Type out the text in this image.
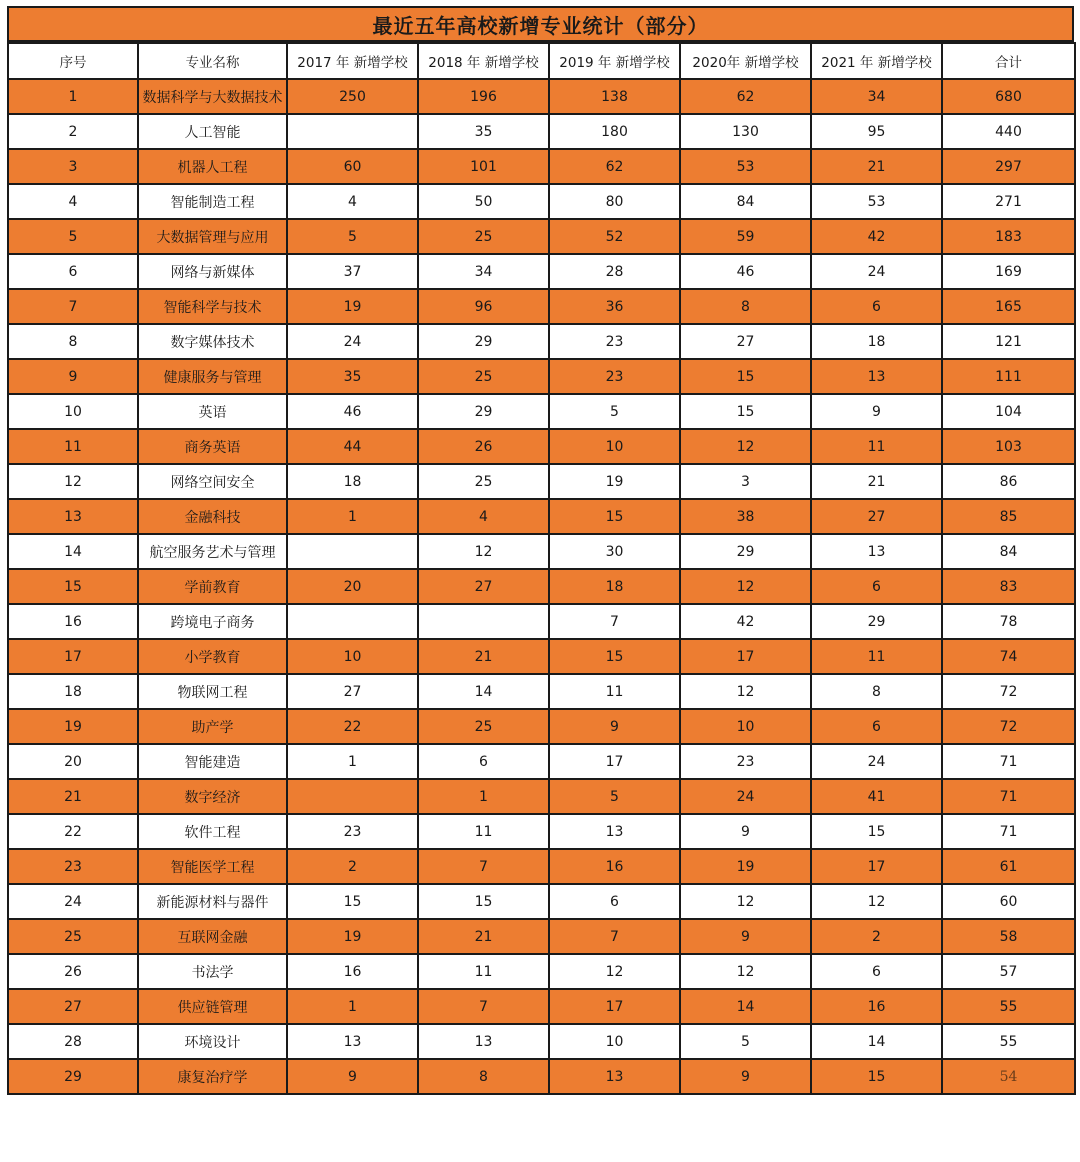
最近五年高校新增专业统计（部分）
序号	专业名称	2017 年 新增学校	2018 年 新增学校	2019 年 新增学校	2020年 新增学校	2021 年 新增学校	合计
1	数据科学与大数据技术	250	196	138	62	34	680
2	人工智能		35	180	130	95	440
3	机器人工程	60	101	62	53	21	297
4	智能制造工程	4	50	80	84	53	271
5	大数据管理与应用	5	25	52	59	42	183
6	网络与新媒体	37	34	28	46	24	169
7	智能科学与技术	19	96	36	8	6	165
8	数字媒体技术	24	29	23	27	18	121
9	健康服务与管理	35	25	23	15	13	111
10	英语	46	29	5	15	9	104
11	商务英语	44	26	10	12	11	103
12	网络空间安全	18	25	19	3	21	86
13	金融科技	1	4	15	38	27	85
14	航空服务艺术与管理		12	30	29	13	84
15	学前教育	20	27	18	12	6	83
16	跨境电子商务			7	42	29	78
17	小学教育	10	21	15	17	11	74
18	物联网工程	27	14	11	12	8	72
19	助产学	22	25	9	10	6	72
20	智能建造	1	6	17	23	24	71
21	数字经济		1	5	24	41	71
22	软件工程	23	11	13	9	15	71
23	智能医学工程	2	7	16	19	17	61
24	新能源材料与器件	15	15	6	12	12	60
25	互联网金融	19	21	7	9	2	58
26	书法学	16	11	12	12	6	57
27	供应链管理	1	7	17	14	16	55
28	环境设计	13	13	10	5	14	55
29	康复治疗学	9	8	13	9	15	54
